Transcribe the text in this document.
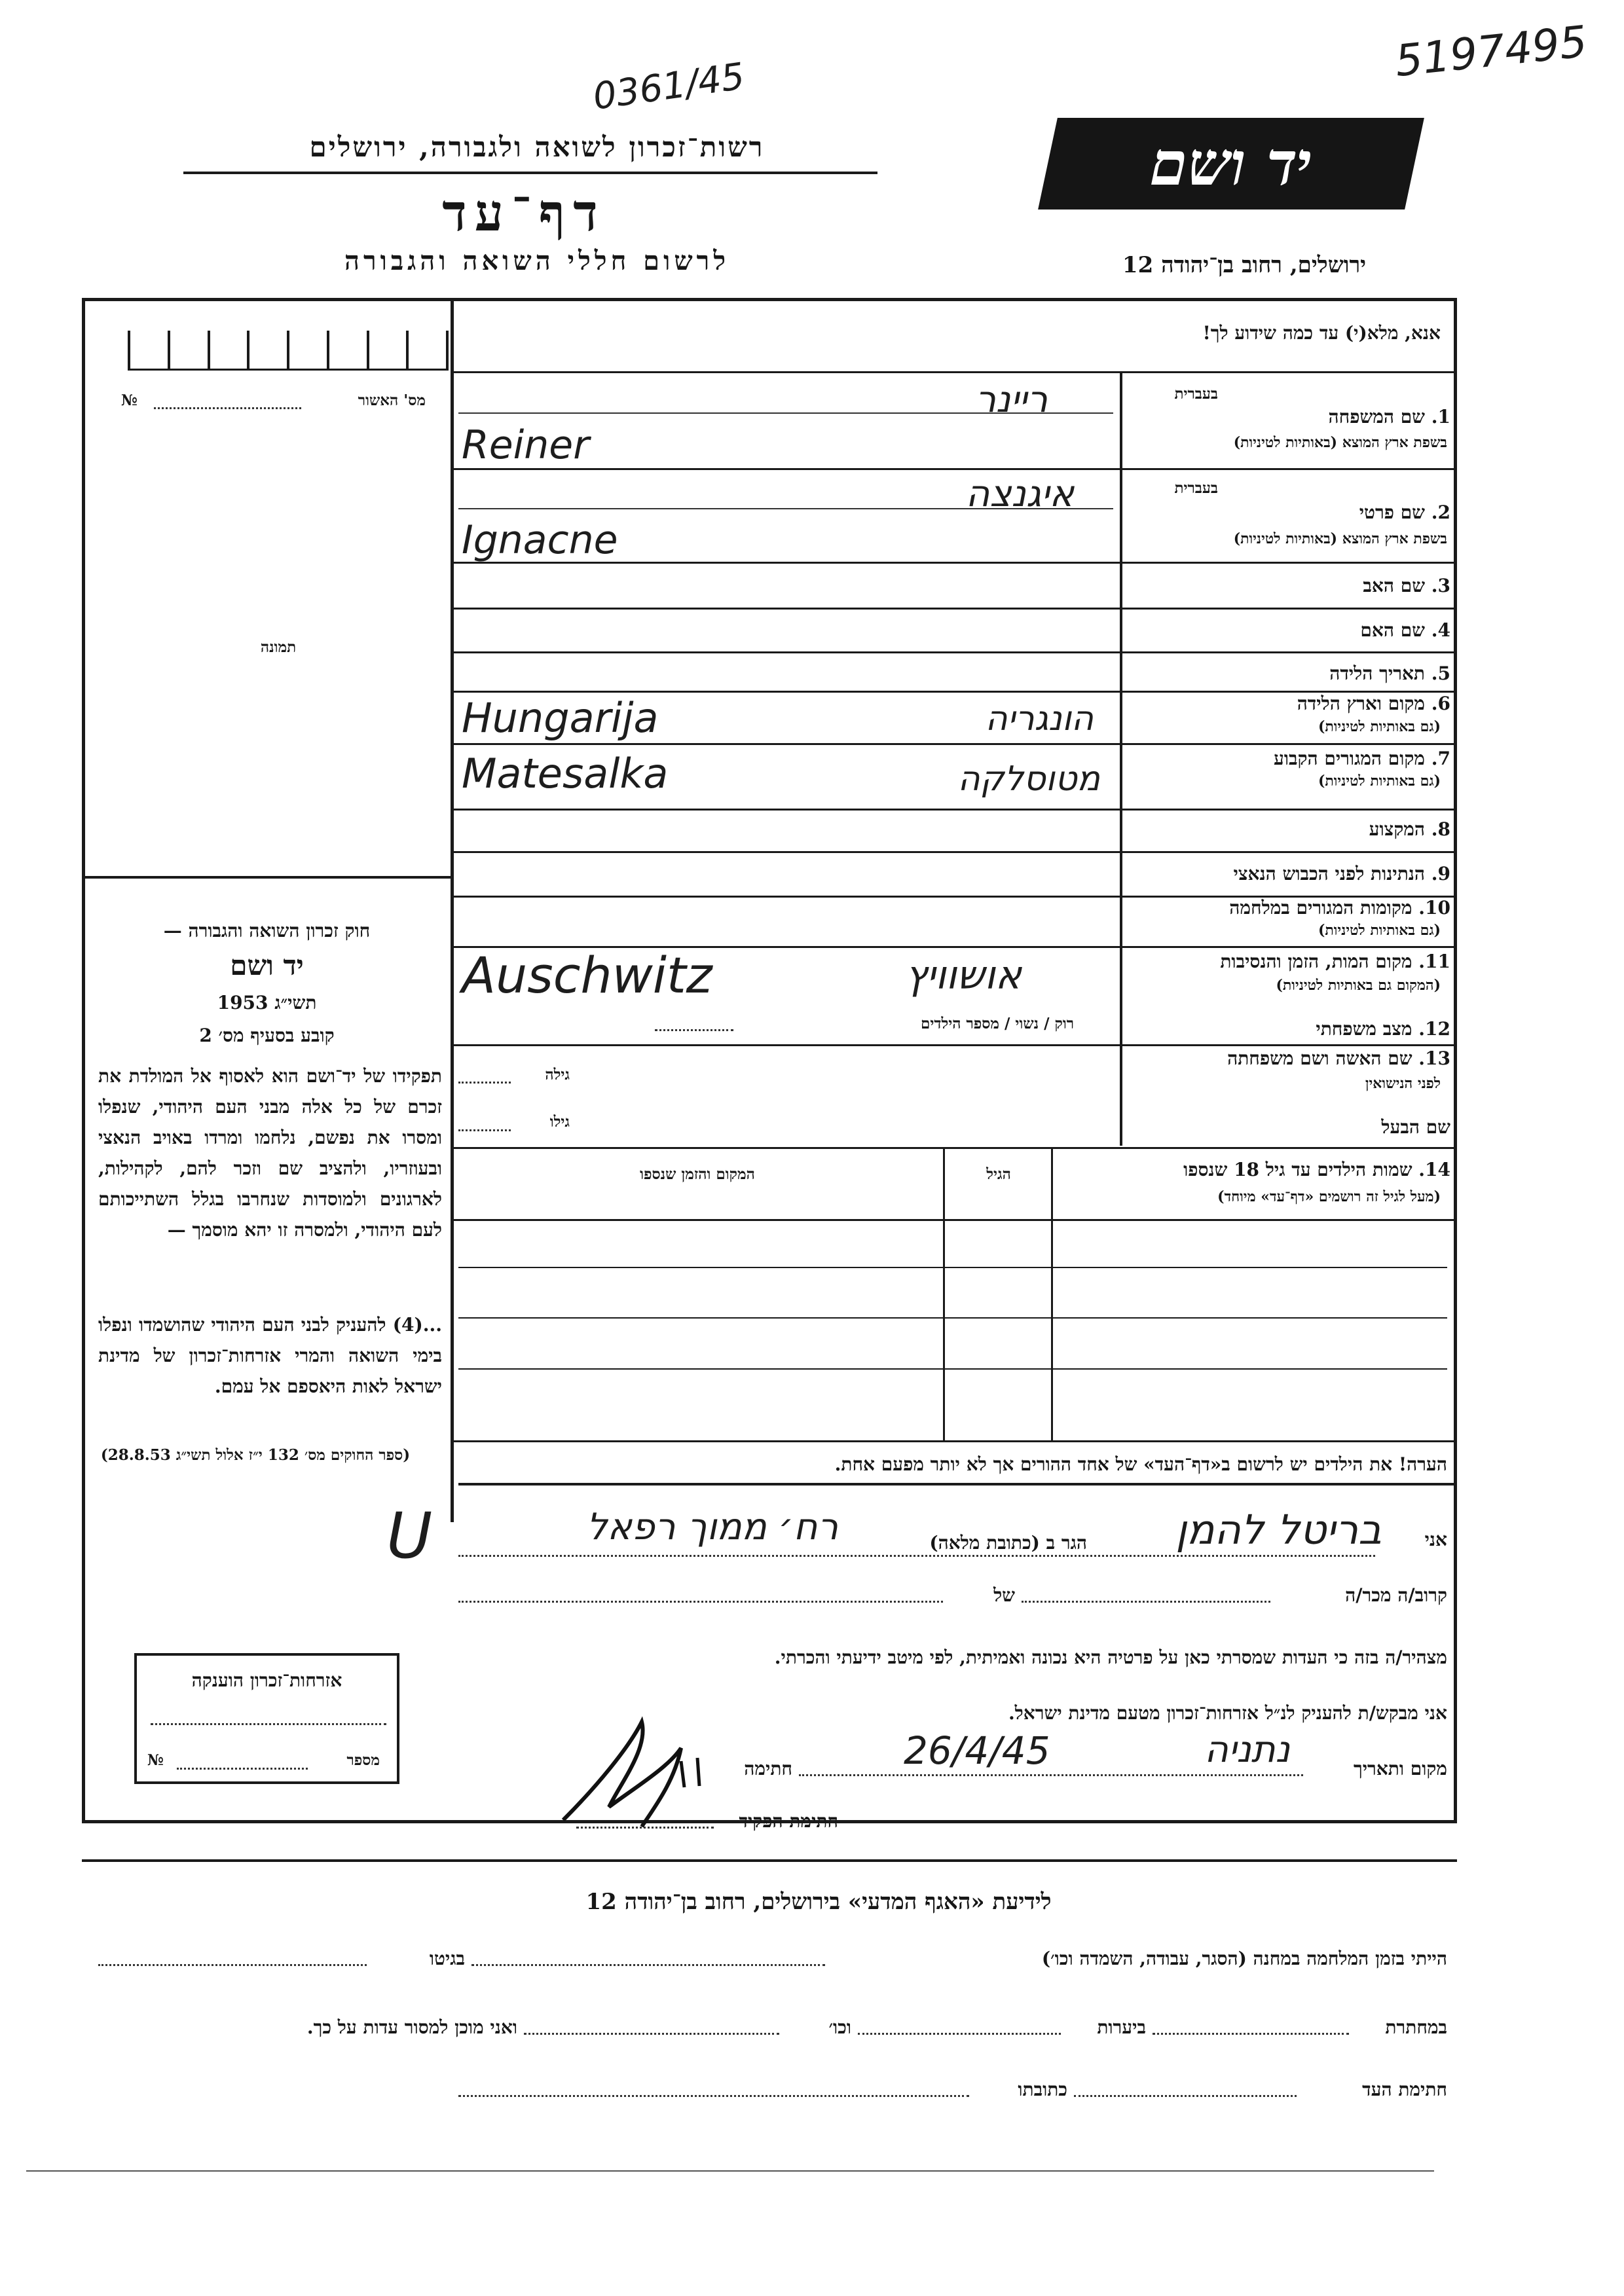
0361/45
5197495
רשות־זכרון לשואה ולגבורה, ירושלים
דף־עד
לרשום חללי השואה והגבורה
יד ושם
ירושלים, רחוב בן־יהודה 12
אנא, מלא(י) עד כמה שידוע לך!
מס' האשור
№
תמונה
חוק זכרון השואה והגבורה —
יד ושם
תשי״ג 1953
קובע בסעיף מס׳ 2
תפקידו של יד־ושם הוא לאסוף אל המולדת את זכרם של כל אלה מבני העם היהודי, שנפלו ומסרו את נפשם, נלחמו ומרדו באויב הנאצי ובעוזריו, ולהציב שם וזכר להם, לקהילות, לארגונים ולמוסדות שנחרבו בגלל השתייכותם לעם היהודי, ולמסרה זו יהא מוסמך —
...(4) להעניק לבני העם היהודי שהושמדו ונפלו בימי השואה והמרי אזרחות־זכרון של מדינת ישראל לאות היאספם אל עמם.
(ספר החוקים מס׳ 132 י״ז אלול תשי״ג 28.8.53)
אזרחות־זכרון הוענקה
№	מספר
בעברית
1. שם המשפחה
בשפת ארץ המוצא (באותיות לטיניות)
ריינר
Reiner
בעברית
2. שם פרטי
בשפת ארץ המוצא (באותיות לטיניות)
איגנצה
Ignacne
3. שם האב
4. שם האם
5. תאריך הלידה
6. מקום וארץ הלידה
(גם באותיות לטיניות)
הונגריה
Hungarija
7. מקום המגורים הקבוע
(גם באותיות לטיניות)
מטוסלקה
Matesalka
8. המקצוע
9. הנתינות לפני הכבוש הנאצי
10. מקומות המגורים במלחמה
(גם באותיות לטיניות)
11. מקום המות, הזמן והנסיבות
(המקום גם באותיות לטיניות)
אושוויץ
Auschwitz
12. מצב משפחתי
רוק / נשוי / מספר הילדים
13. שם האשה ושם משפחתה
לפני הנישואין
גילה
שם הבעל
גילו
14. שמות הילדים עד גיל 18 שנספו
(מעל לגיל זה רושמים «דף־עד» מיוחד)
הגיל
המקום והזמן שנספו
הערה! את הילדים יש לרשום ב«דף־העד» של אחד ההורים אך לא יותר מפעם אחת.
אני
בריטל להמן
הגר ב (כתובת מלאה)
רח׳ ממוך רפאל
U
קרוב/ה מכר/ה
של
מצהיר/ה בזה כי העדות שמסרתי כאן על פרטיה היא נכונה ואמיתית, לפי מיטב ידיעתי והכרתי.
אני מבקש/ת להעניק לנ״ל אזרחות־זכרון מטעם מדינת ישראל.
מקום ותאריך
נתניה
26/4/45
חתימה
חתימת הפקיד
לידיעת «האגף המדעי» בירושלים, רחוב בן־יהודה 12
הייתי בזמן המלחמה במחנה (הסגר, עבודה, השמדה וכו׳)
בגיטו
במחתרת
ביערות
וכו׳
ואני מוכן למסור עדות על כך.
חתימת העד
כתובתו
